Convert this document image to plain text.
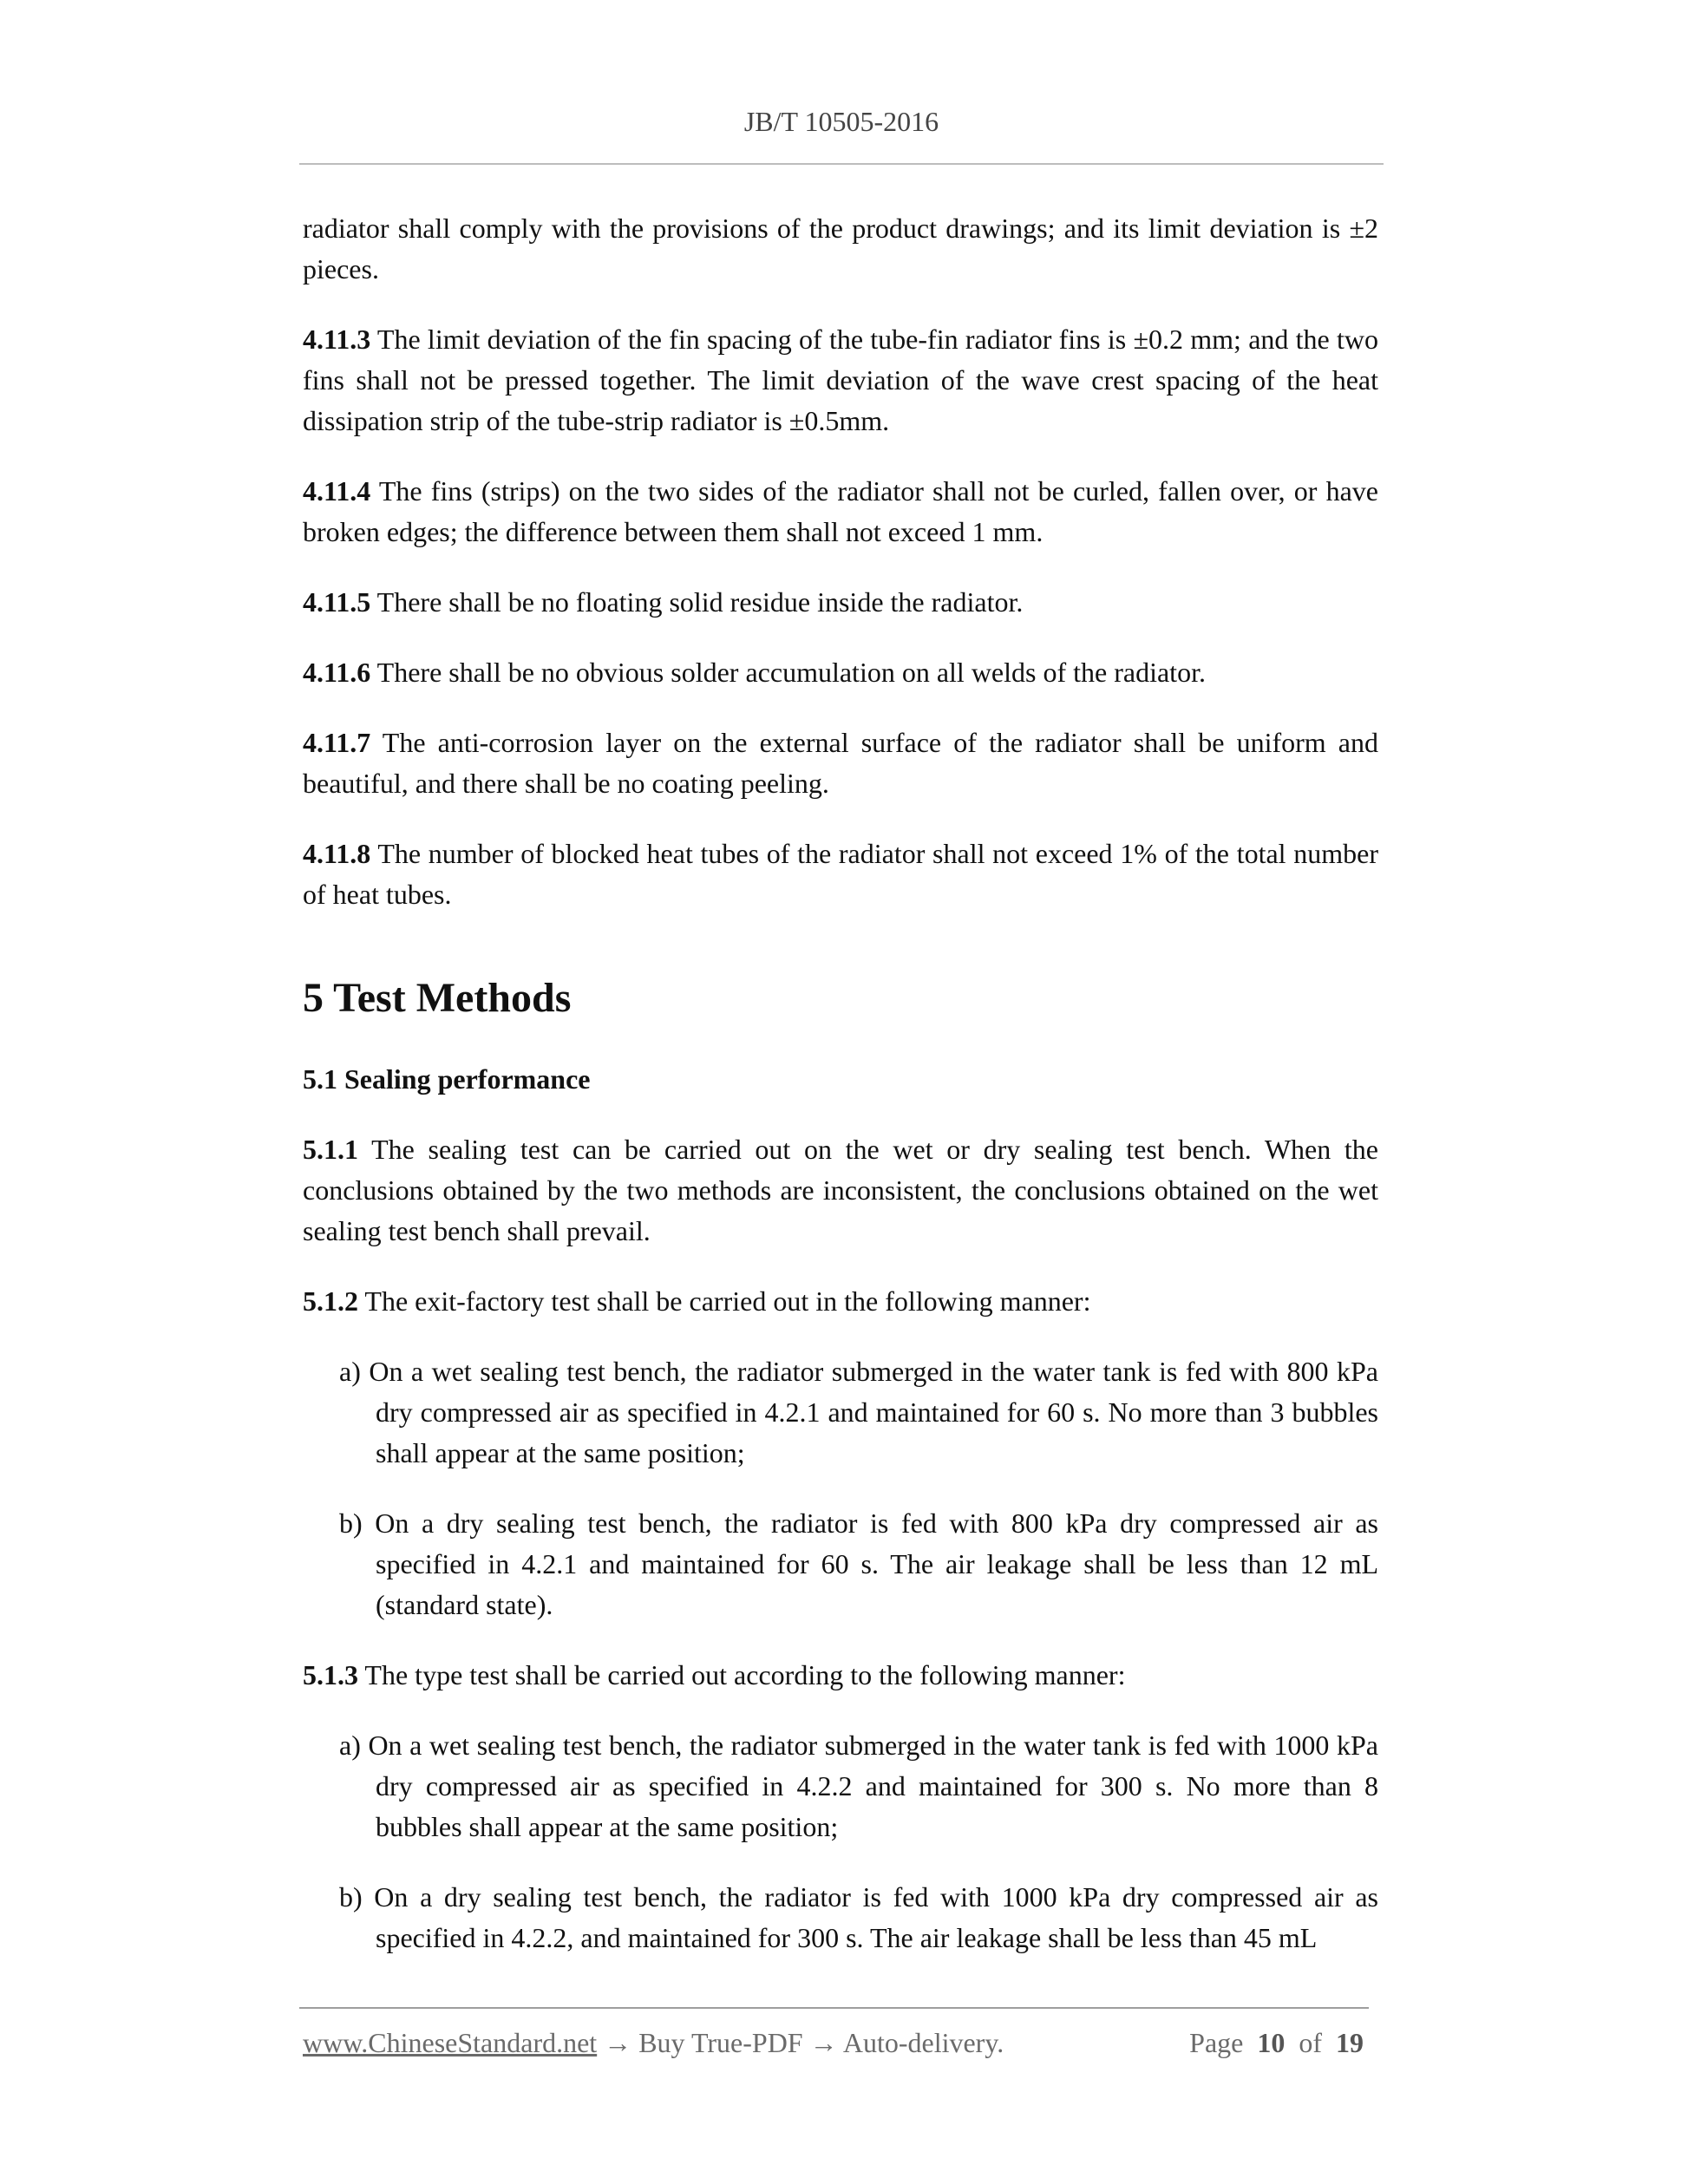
JB/T 10505-2016

radiator shall comply with the provisions of the product drawings; and its limit deviation is ±2 pieces.

4.11.3 The limit deviation of the fin spacing of the tube-fin radiator fins is ±0.2 mm; and the two fins shall not be pressed together. The limit deviation of the wave crest spacing of the heat dissipation strip of the tube-strip radiator is ±0.5mm.

4.11.4 The fins (strips) on the two sides of the radiator shall not be curled, fallen over, or have broken edges; the difference between them shall not exceed 1 mm.

4.11.5 There shall be no floating solid residue inside the radiator.

4.11.6 There shall be no obvious solder accumulation on all welds of the radiator.

4.11.7 The anti-corrosion layer on the external surface of the radiator shall be uniform and beautiful, and there shall be no coating peeling.

4.11.8 The number of blocked heat tubes of the radiator shall not exceed 1% of the total number of heat tubes.

5 Test Methods
5.1 Sealing performance

5.1.1 The sealing test can be carried out on the wet or dry sealing test bench. When the conclusions obtained by the two methods are inconsistent, the conclusions obtained on the wet sealing test bench shall prevail.

5.1.2 The exit-factory test shall be carried out in the following manner:

a) On a wet sealing test bench, the radiator submerged in the water tank is fed with 800 kPa dry compressed air as specified in 4.2.1 and maintained for 60 s. No more than 3 bubbles shall appear at the same position;

b) On a dry sealing test bench, the radiator is fed with 800 kPa dry compressed air as specified in 4.2.1 and maintained for 60 s. The air leakage shall be less than 12 mL (standard state).

5.1.3 The type test shall be carried out according to the following manner:

a) On a wet sealing test bench, the radiator submerged in the water tank is fed with 1000 kPa dry compressed air as specified in 4.2.2 and maintained for 300 s. No more than 8 bubbles shall appear at the same position;

b) On a dry sealing test bench, the radiator is fed with 1000 kPa dry compressed air as specified in 4.2.2, and maintained for 300 s. The air leakage shall be less than 45 mL

www.ChineseStandard.net → Buy True-PDF → Auto-delivery.	Page 10 of 19
